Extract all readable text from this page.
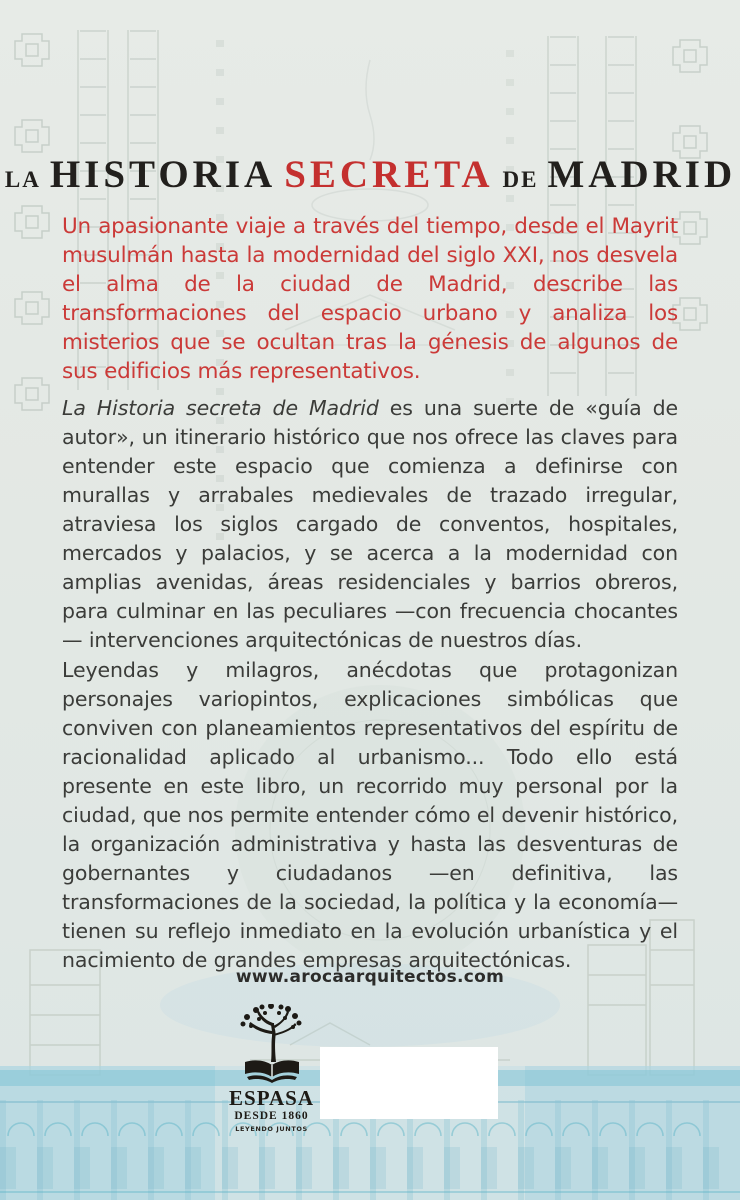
LA HISTORIA SECRETA DE MADRID

Un apasionante viaje a través del tiempo, desde el Mayrit musulmán hasta la modernidad del siglo XXI, nos desvela el alma de la ciudad de Madrid, describe las transformaciones del espacio urbano y analiza los misterios que se ocultan tras la génesis de algunos de sus edificios más representativos.

La Historia secreta de Madrid es una suerte de «guía de autor», un itinerario histórico que nos ofrece las claves para entender este espacio que comienza a definirse con murallas y arrabales medievales de trazado irregular, atraviesa los siglos cargado de conventos, hospitales, mercados y palacios, y se acerca a la modernidad con amplias avenidas, áreas residenciales y barrios obreros, para culminar en las peculiares —con frecuencia chocantes— intervenciones arquitectónicas de nuestros días.

Leyendas y milagros, anécdotas que protagonizan personajes variopintos, explicaciones simbólicas que conviven con planeamientos representativos del espíritu de racionalidad aplicado al urbanismo... Todo ello está presente en este libro, un recorrido muy personal por la ciudad, que nos permite entender cómo el devenir histórico, la organización administrativa y hasta las desventuras de gobernantes y ciudadanos —en definitiva, las transformaciones de la sociedad, la política y la economía— tienen su reflejo inmediato en la evolución urbanística y el nacimiento de grandes empresas arquitectónicas.

www.arocaarquitectos.com
ESPASA
DESDE 1860
LEYENDO JUNTOS
